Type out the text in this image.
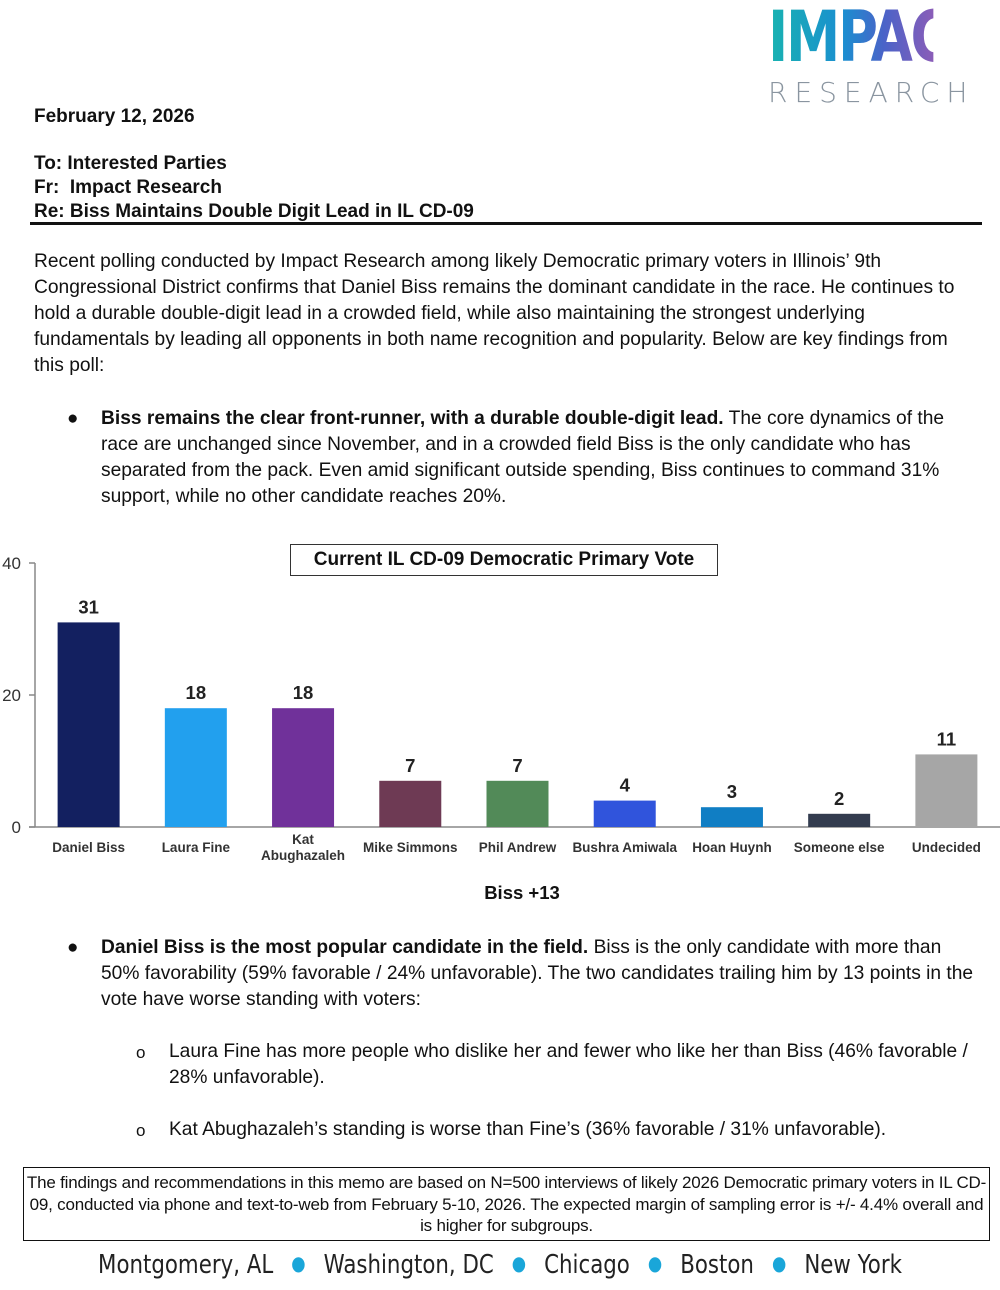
IMPACT
RESEARCH
February 12, 2026
To: Interested Parties
Fr:  Impact Research
Re: Biss Maintains Double Digit Lead in IL CD-09
Recent polling conducted by Impact Research among likely Democratic primary voters in Illinois’ 9th Congressional District confirms that Daniel Biss remains the dominant candidate in the race. He continues to hold a durable double-digit lead in a crowded field, while also maintaining the strongest underlying fundamentals by leading all opponents in both name recognition and popularity. Below are key findings from this poll:
● Biss remains the clear front-runner, with a durable double-digit lead. The core dynamics of the race are unchanged since November, and in a crowded field Biss is the only candidate who has separated from the pack. Even amid significant outside spending, Biss continues to command 31% support, while no other candidate reaches 20%.
0
20
40
31
18	18
7	7
4	3	2
11
Daniel Biss	Laura Fine
Kat
Abughazaleh
Mike Simmons Phil Andrew Bushra Amiwala Hoan Huynh Someone else Undecided
Current IL CD-09 Democratic Primary Vote
Biss +13
● Daniel Biss is the most popular candidate in the field. Biss is the only candidate with more than 50% favorability (59% favorable / 24% unfavorable). The two candidates trailing him by 13 points in the vote have worse standing with voters:
o Laura Fine has more people who dislike her and fewer who like her than Biss (46% favorable / 28% unfavorable).
o Kat Abughazaleh’s standing is worse than Fine’s (36% favorable / 31% unfavorable).
The findings and recommendations in this memo are based on N=500 interviews of likely 2026 Democratic primary voters in IL CD-09, conducted via phone and text-to-web from February 5-10, 2026. The expected margin of sampling error is +/- 4.4% overall and is higher for subgroups.
Montgomery, AL ● Washington, DC ● Chicago ● Boston ● New York
